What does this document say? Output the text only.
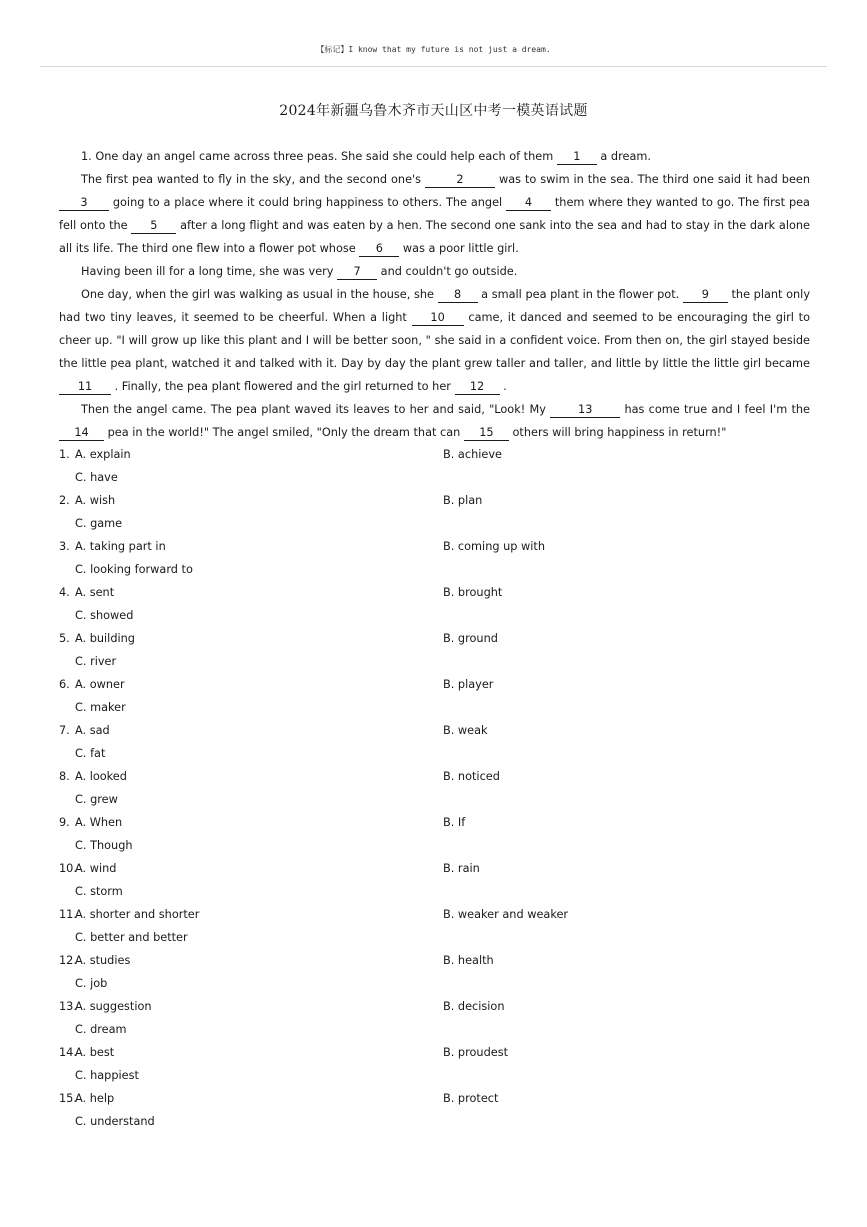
【标记】I know that my future is not just a dream.
2024年新疆乌鲁木齐市天山区中考一模英语试题

1. One day an angel came across three peas. She said she could help each of them 1 a dream.

The first pea wanted to fly in the sky, and the second one's	2	was to swim in the sea. The third one said it had been 3 going to a place where it could bring happiness to others. The angel 4 them where they wanted to go. The first pea fell onto the 5 after a long flight and was eaten by a hen. The second one sank into the sea and had to stay in the dark alone all its life. The third one flew into a flower pot whose 6 was a poor little girl.

Having been ill for a long time, she was very 7 and couldn't go outside.

One day, when the girl was walking as usual in the house, she 8 a small pea plant in the flower pot. 9 the plant only had two tiny leaves, it seemed to be cheerful. When a light 10 came, it danced and seemed to be encouraging the girl to cheer up. "I will grow up like this plant and I will be better soon, " she said in a confident voice. From then on, the girl stayed beside the little pea plant, watched it and talked with it. Day by day the plant grew taller and taller, and little by little the little girl became 11 . Finally, the pea plant flowered and the girl returned to her 12 .

Then the angel came. The pea plant waved its leaves to her and said, "Look! My 13 has come true and I feel I'm the 14 pea in the world!" The angel smiled, "Only the dream that can 15 others will bring happiness in return!"

1. A. explain	B. achieve
C. have
2. A. wish	B. plan
C. game
3. A. taking part in	B. coming up with
C. looking forward to
4. A. sent	B. brought
C. showed
5. A. building	B. ground
C. river
6. A. owner	B. player
C. maker
7. A. sad	B. weak
C. fat
8. A. looked	B. noticed
C. grew
9. A. When	B. If
C. Though
10.
A. wind	B. rain
C. storm
11.
A. shorter and shorter	B. weaker and weaker
C. better and better
12.
A. studies	B. health
C. job
13.
A. suggestion	B. decision
C. dream
14.
A. best	B. proudest
C. happiest
15.
A. help	B. protect
C. understand
